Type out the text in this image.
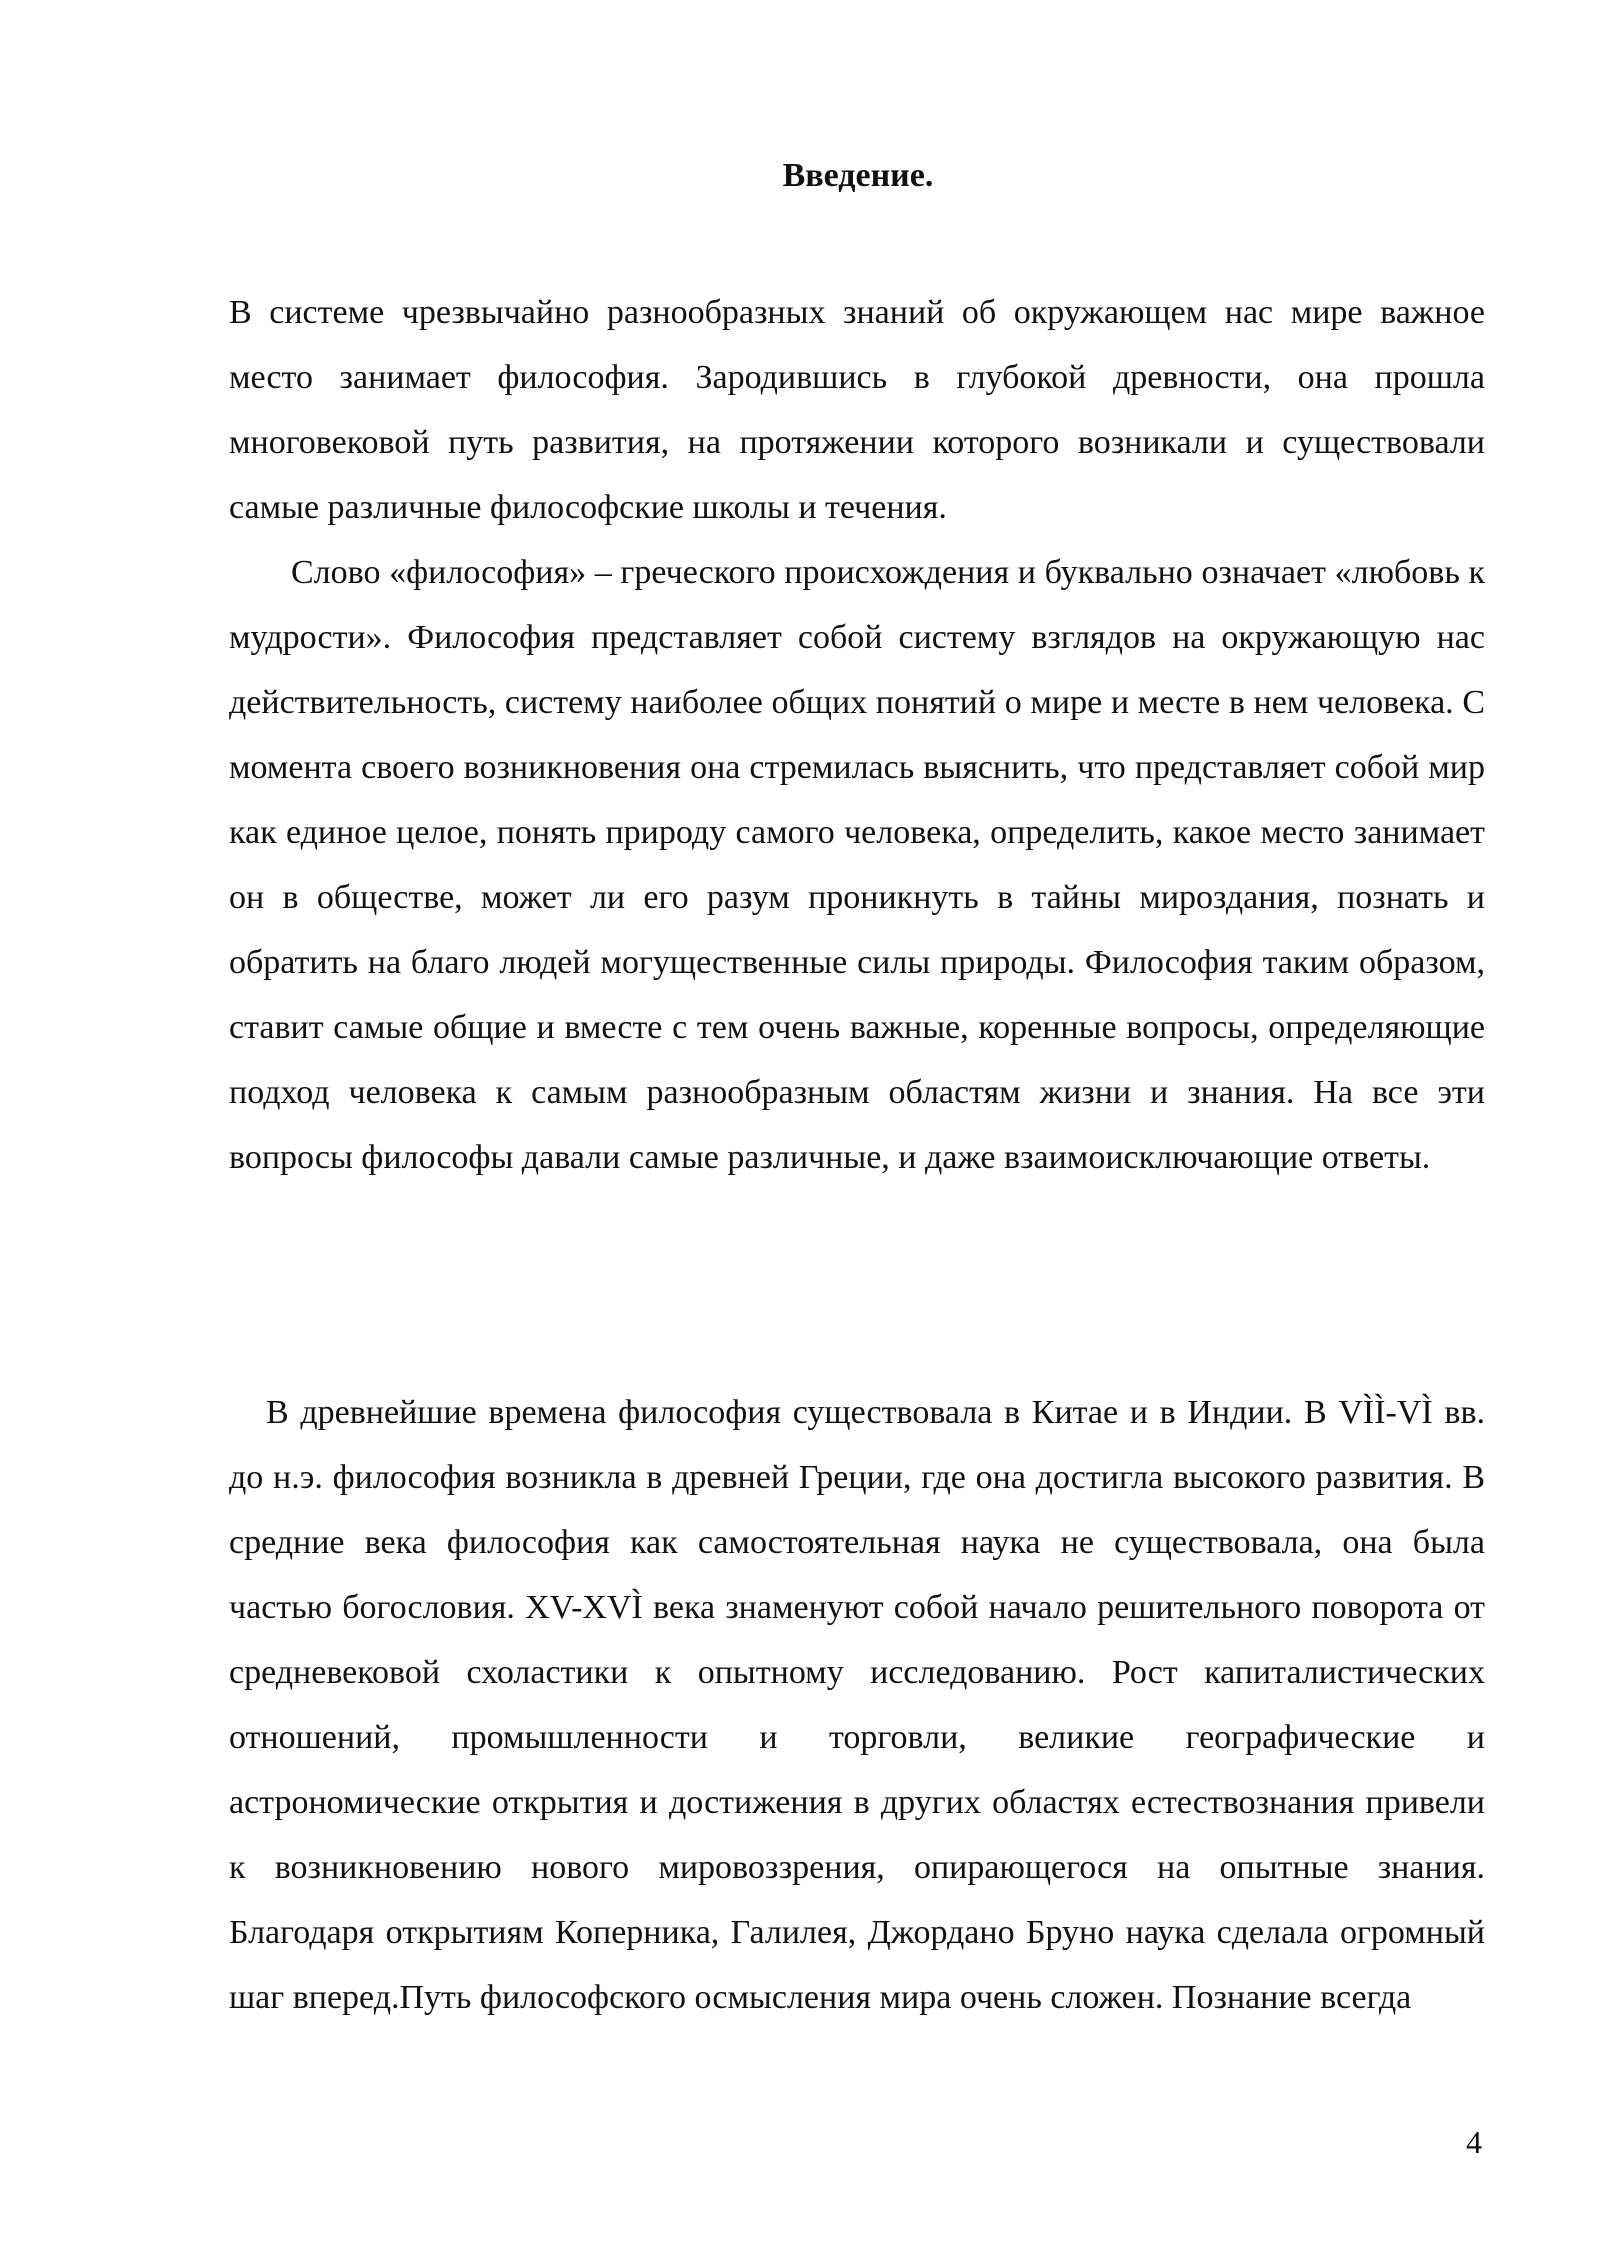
Введение.

В системе чрезвычайно разнообразных знаний об окружающем нас мире важное место занимает философия. Зародившись в глубокой древности, она прошла многовековой путь развития, на протяжении которого возникали и существовали самые различные философские школы и течения.

Слово «философия» – греческого происхождения и буквально означает «любовь к мудрости». Философия представляет собой систему взглядов на окружающую нас действительность, систему наиболее общих понятий о мире и месте в нем человека. С момента своего возникновения она стремилась выяснить, что представляет собой мир как единое целое, понять природу самого человека, определить, какое место занимает он в обществе, может ли его разум проникнуть в тайны мироздания, познать и обратить на благо людей могущественные силы природы. Философия таким образом, ставит самые общие и вместе с тем очень важные, коренные вопросы, определяющие подход человека к самым разнообразным областям жизни и знания. На все эти вопросы философы давали самые различные, и даже взаимоисключающие ответы.

В древнейшие времена философия существовала в Китае и в Индии. В VÌÌ-VÌ вв. до н.э. философия возникла в древней Греции, где она достигла высокого развития. В средние века философия как самостоятельная наука не существовала, она была частью богословия. XV-XVÌ века знаменуют собой начало решительного поворота от средневековой схоластики к опытному исследованию. Рост капиталистических отношений, промышленности и торговли, великие географические и астрономические открытия и достижения в других областях естествознания привели к возникновению нового мировоззрения, опирающегося на опытные знания. Благодаря открытиям Коперника, Галилея, Джордано Бруно наука сделала огромный шаг вперед.Путь философского осмысления мира очень сложен. Познание всегда

4
